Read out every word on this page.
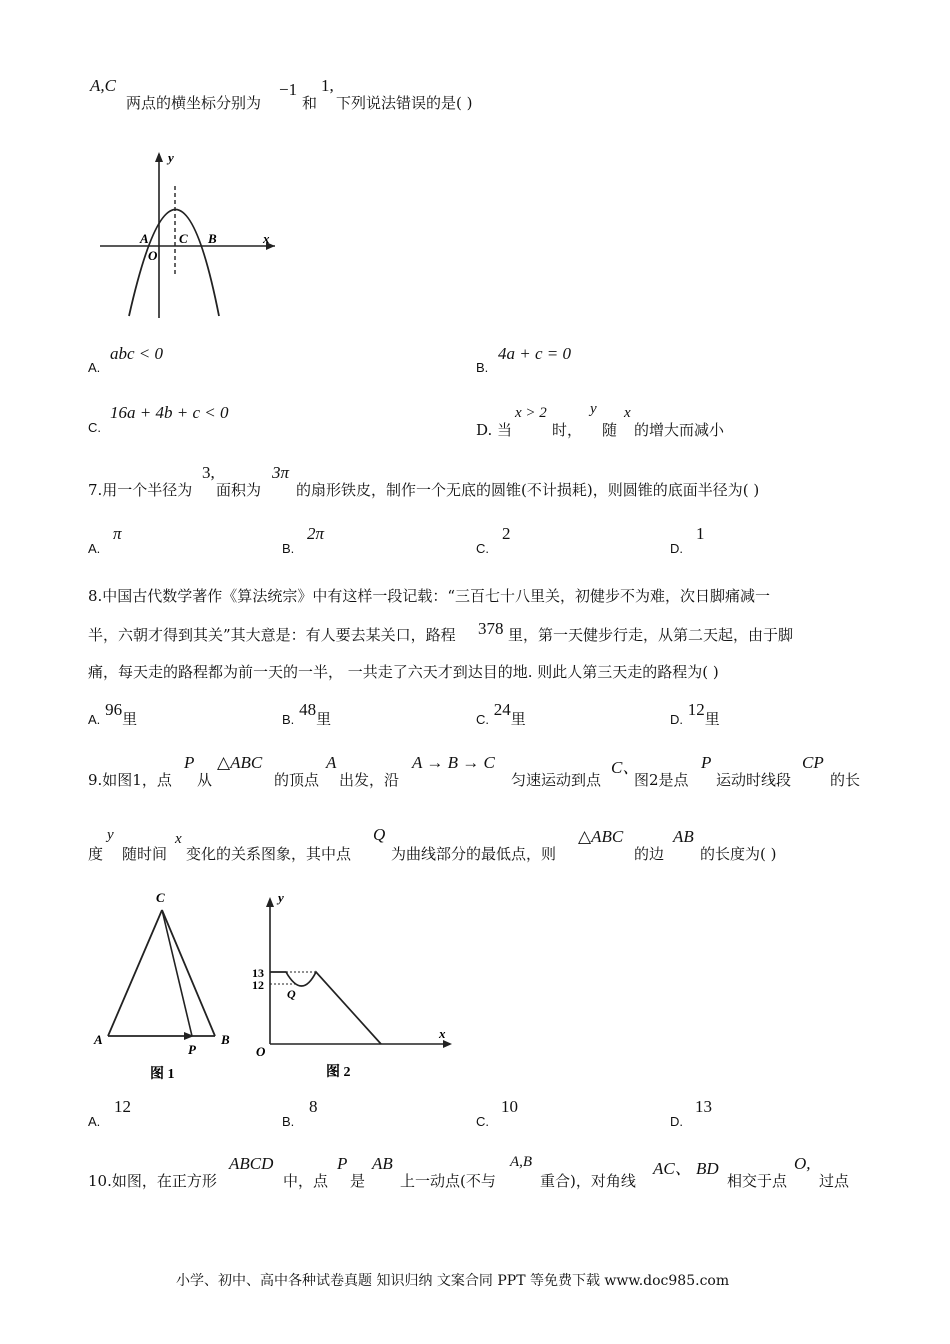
A,C
两点的横坐标分别为
−1
和
1,
下列说法错误的是( )
y
x
A
O
C B
A.
abc < 0
B.
4a + c = 0
C.
16a + 4b + c < 0
D. 当
x > 2
时，
y
随
x
的增大而减小
7.用一个半径为
3,
面积为
3π
的扇形铁皮，制作一个无底的圆锥(不计损耗)，则圆锥的底面半径为( )
A.
π
B.
2π
C.
2
D.
1
8.中国古代数学著作《算法统宗》中有这样一段记载：“三百七十八里关，初健步不为难，次日脚痛减一
半，六朝才得到其关”其大意是：有人要去某关口，路程 378 里，第一天健步行走，从第二天起，由于脚
痛，每天走的路程都为前一天的一半， 一共走了六天才到达目的地. 则此人第三天走的路程为( )
A. 96里	B. 48里	C. 24里	D. 12里
9.如图1，点
P
从
△ABC
的顶点
A
出发，沿
A → B → C
匀速运动到点
C、
图2是点
P
运动时线段
CP
的长
度
y
随时间
x
变化的关系图象，其中点
Q
为曲线部分的最低点，则
△ABC
的边
AB
的长度为( )
C
A	B
P
图 1
y
x
O
13
12
Q
图 2
A.
12
B.
8
C.
10
D.
13
10.如图，在正方形
ABCD
中，点
P
是
AB
上一动点(不与
A,B
重合)，对角线
AC、 BD
相交于点
O,
过点
小学、初中、高中各种试卷真题 知识归纳 文案合同 PPT 等免费下载 www.doc985.com
